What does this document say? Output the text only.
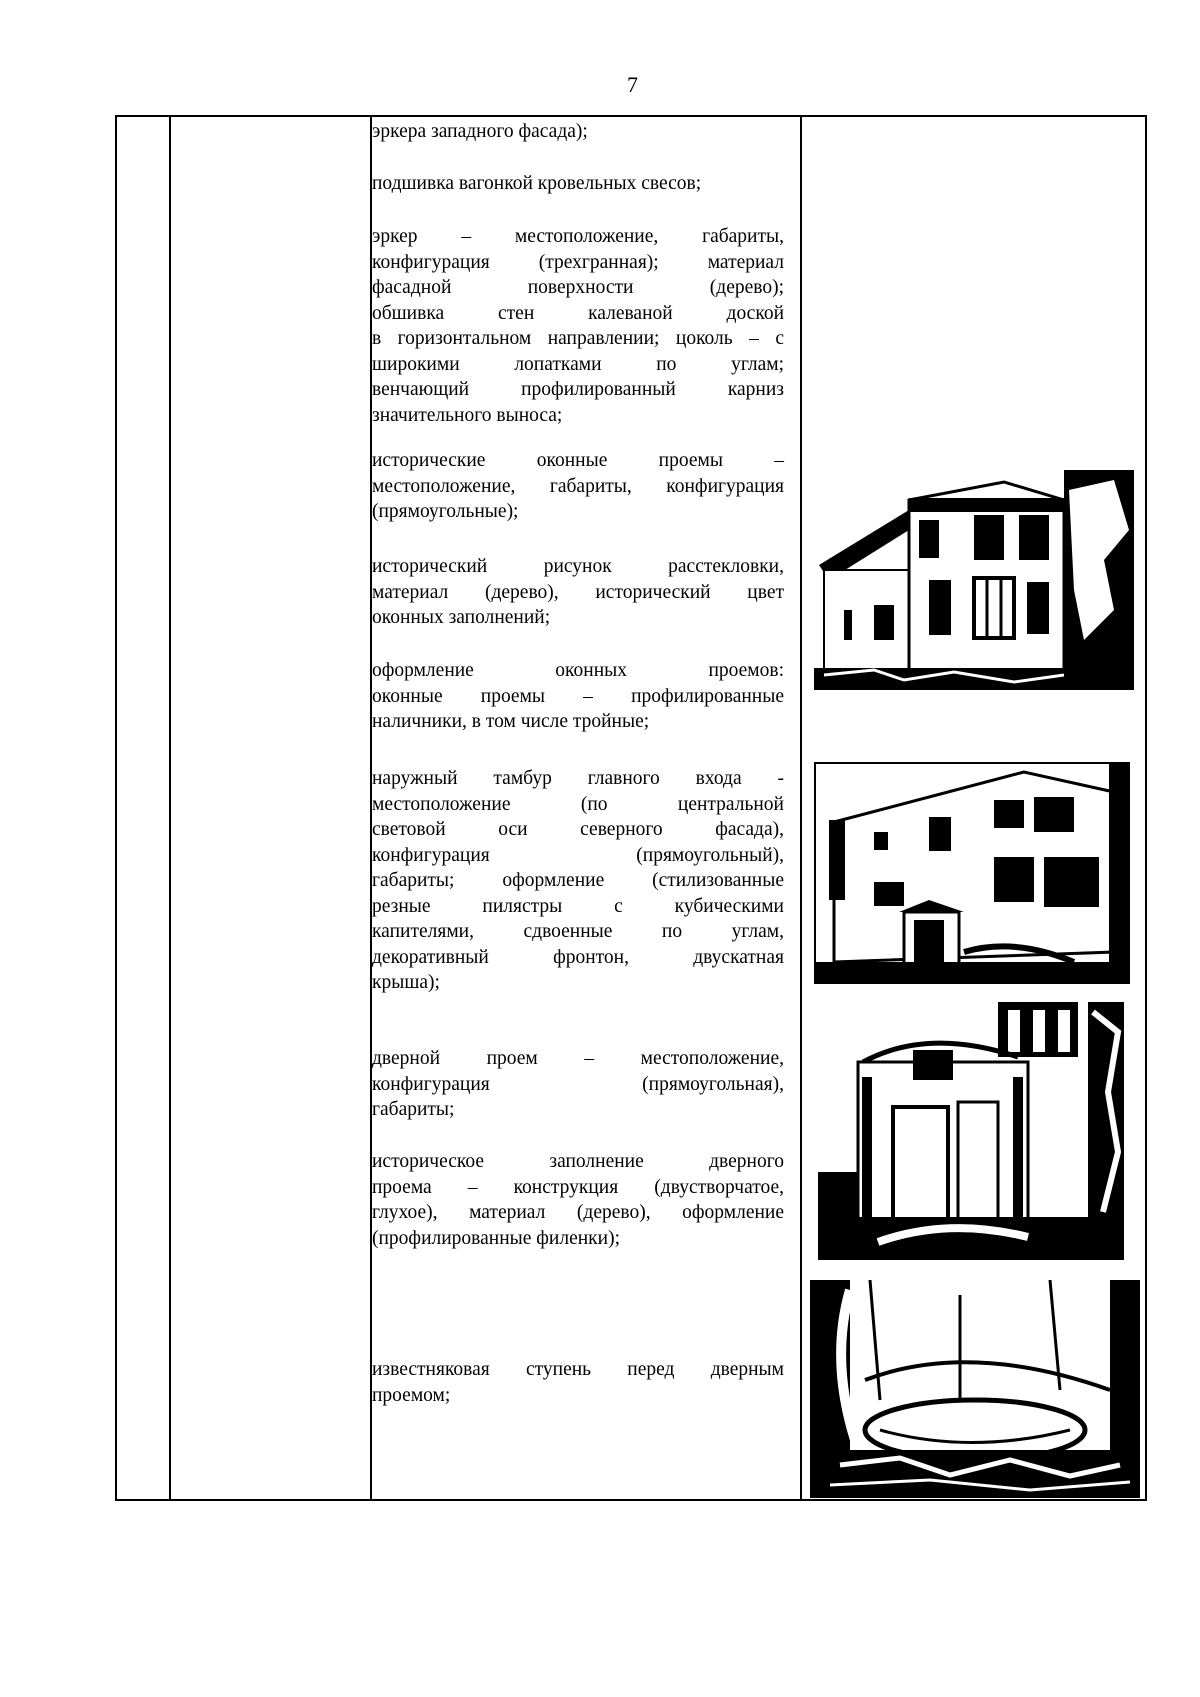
7
эркера западного фасада);
подшивка вагонкой кровельных свесов;
эркер – местоположение, габариты,
конфигурация (трехгранная); материал
фасадной поверхности (дерево);
обшивка стен калеваной доской
в горизонтальном направлении; цоколь – с
широкими лопатками по углам;
венчающий профилированный карниз
значительного выноса;
исторические оконные проемы –
местоположение, габариты, конфигурация
(прямоугольные);
исторический рисунок расстекловки,
материал (дерево), исторический цвет
оконных заполнений;
оформление оконных проемов:
оконные проемы – профилированные
наличники, в том числе тройные;
наружный тамбур главного входа -
местоположение (по центральной
световой оси северного фасада),
конфигурация (прямоугольный),
габариты; оформление (стилизованные
резные пилястры с кубическими
капителями, сдвоенные по углам,
декоративный фронтон, двускатная
крыша);
дверной проем – местоположение,
конфигурация (прямоугольная),
габариты;
историческое заполнение дверного
проема – конструкция (двустворчатое,
глухое), материал (дерево), оформление
(профилированные филенки);
известняковая ступень перед дверным
проемом;
